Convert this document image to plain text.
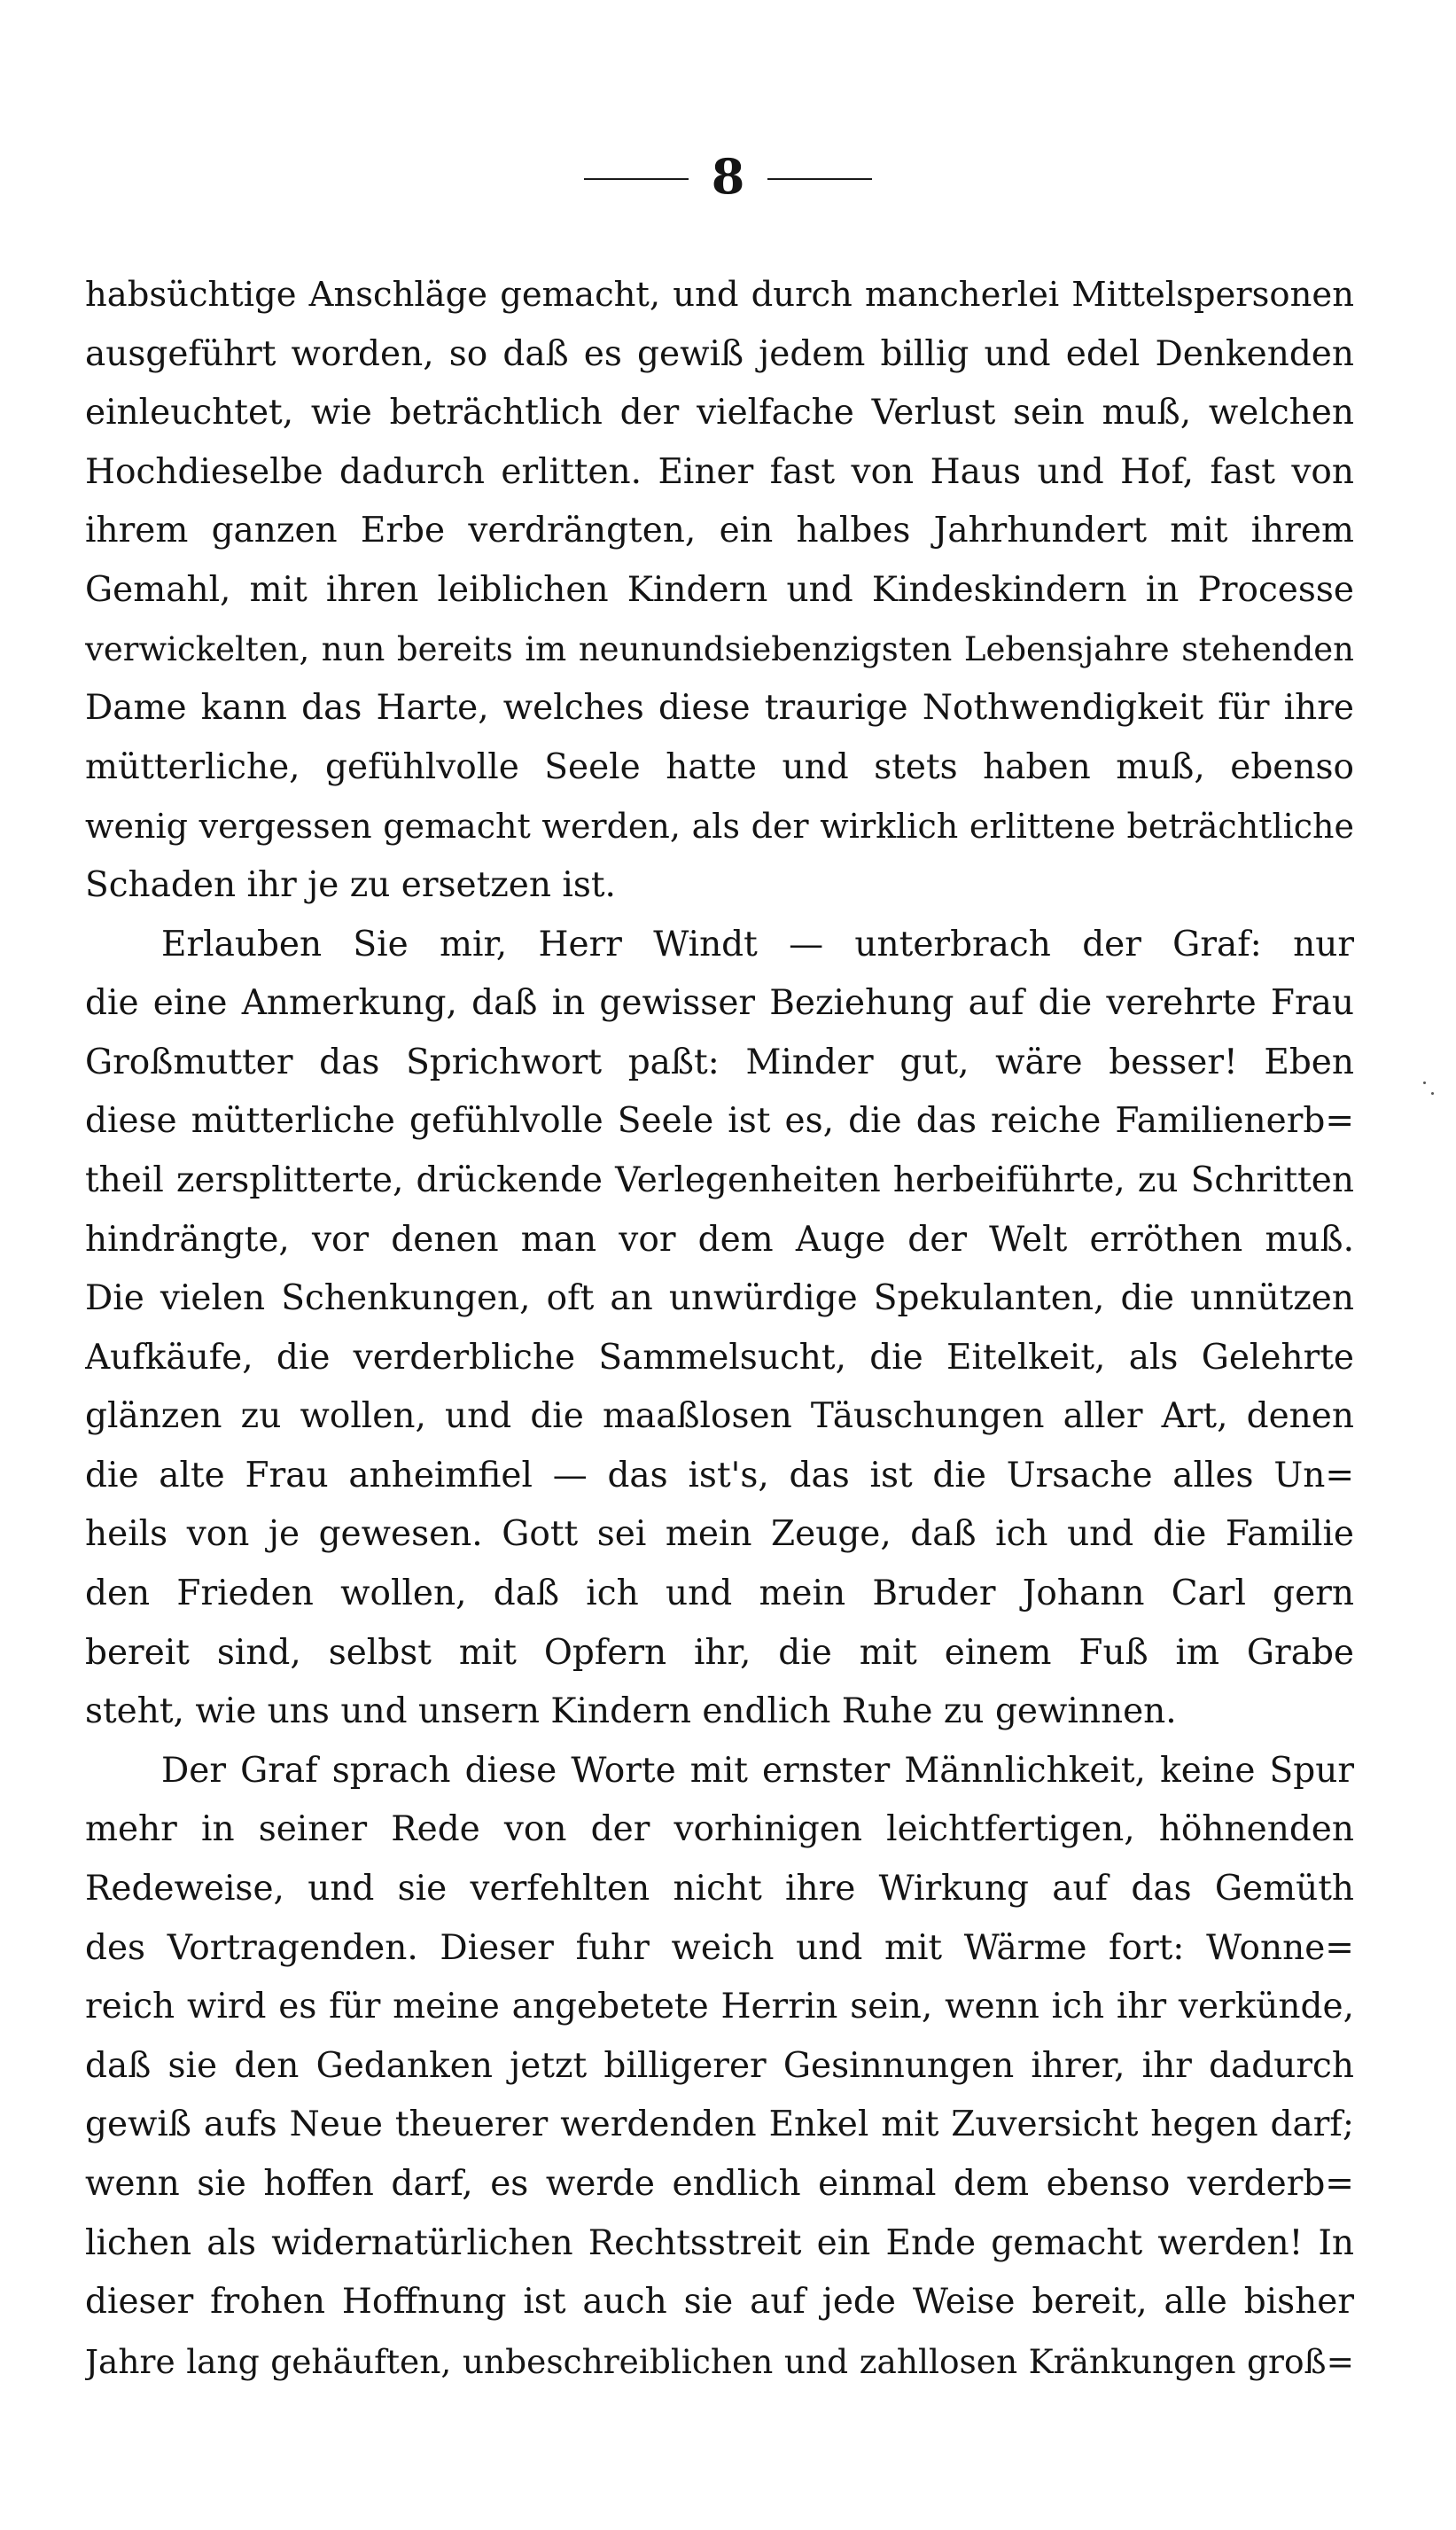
8
habsüchtige Anschläge gemacht, und durch mancherlei Mittelspersonen
ausgeführt worden, so daß es gewiß jedem billig und edel Denkenden
einleuchtet, wie beträchtlich der vielfache Verlust sein muß, welchen
Hochdieselbe dadurch erlitten. Einer fast von Haus und Hof, fast von
ihrem ganzen Erbe verdrängten, ein halbes Jahrhundert mit ihrem
Gemahl, mit ihren leiblichen Kindern und Kindeskindern in Processe
verwickelten, nun bereits im neunundsiebenzigsten Lebensjahre stehenden
Dame kann das Harte, welches diese traurige Nothwendigkeit für ihre
mütterliche, gefühlvolle Seele hatte und stets haben muß, ebenso
wenig vergessen gemacht werden, als der wirklich erlittene beträchtliche
Schaden ihr je zu ersetzen ist.
Erlauben Sie mir, Herr Windt — unterbrach der Graf: nur
die eine Anmerkung, daß in gewisser Beziehung auf die verehrte Frau
Großmutter das Sprichwort paßt: Minder gut, wäre besser! Eben
diese mütterliche gefühlvolle Seele ist es, die das reiche Familienerb=
theil zersplitterte, drückende Verlegenheiten herbeiführte, zu Schritten
hindrängte, vor denen man vor dem Auge der Welt erröthen muß.
Die vielen Schenkungen, oft an unwürdige Spekulanten, die unnützen
Aufkäufe, die verderbliche Sammelsucht, die Eitelkeit, als Gelehrte
glänzen zu wollen, und die maaßlosen Täuschungen aller Art, denen
die alte Frau anheimfiel — das ist's, das ist die Ursache alles Un=
heils von je gewesen. Gott sei mein Zeuge, daß ich und die Familie
den Frieden wollen, daß ich und mein Bruder Johann Carl gern
bereit sind, selbst mit Opfern ihr, die mit einem Fuß im Grabe
steht, wie uns und unsern Kindern endlich Ruhe zu gewinnen.
Der Graf sprach diese Worte mit ernster Männlichkeit, keine Spur
mehr in seiner Rede von der vorhinigen leichtfertigen, höhnenden
Redeweise, und sie verfehlten nicht ihre Wirkung auf das Gemüth
des Vortragenden. Dieser fuhr weich und mit Wärme fort: Wonne=
reich wird es für meine angebetete Herrin sein, wenn ich ihr verkünde,
daß sie den Gedanken jetzt billigerer Gesinnungen ihrer, ihr dadurch
gewiß aufs Neue theuerer werdenden Enkel mit Zuversicht hegen darf;
wenn sie hoffen darf, es werde endlich einmal dem ebenso verderb=
lichen als widernatürlichen Rechtsstreit ein Ende gemacht werden! In
dieser frohen Hoffnung ist auch sie auf jede Weise bereit, alle bisher
Jahre lang gehäuften, unbeschreiblichen und zahllosen Kränkungen groß=
